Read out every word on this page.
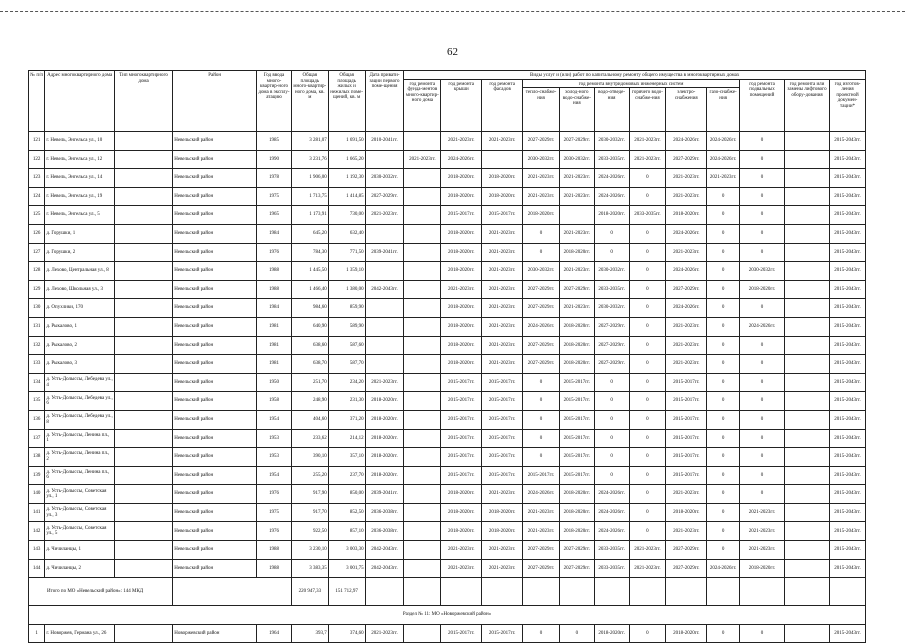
62
№ п/п	Адрес многоквартирного дома	Тип многоквартирного дома	Район	Год ввода много-квартир-ного дома в эксплу-атацию	Общая площадь много-квартир-ного дома, кв. м	Общая площадь жилых и нежилых поме-щений, кв. м	Дата привати-зации первого поме-щения	Виды услуг и (или) работ по капитальному ремонту общего имущества в многоквартирных домах											
								год ремонта фунда-ментов много-квартир-ного дома	год ремонта крыши	год ремонта фасадов	год ремонта внутридомовых инженерных систем						год ремонта подвальных помещений	год ремонта или замены лифтового обору-дования	год изготов-ления проектной докумен-тации*
											тепло-снабже-ния	холод-ного водо-снабже-ния	водо-отведе-ния	горячего водо-снабже-ния	электро-снабжения	газо-снабже-ния			
121	г. Невель, Энгельса ул., 10		Невельский район	1985	3 281,07	1 691,50	2010-2041гг.		2021-2023гг.	2021-2023гг.	2027-2029гг.	2027-2029гг.	2030-2032гг.	2021-2023гг.	2024-2026гг.	2024-2026гг.	0		2015-2043гг.
122	г. Невель, Энгельса ул., 12		Невельский район	1990	3 231,76	1 665,20		2021-2023гг.	2024-2026гг.		2030-2032гг.	2030-2032гг.	2033-2035гг.	2021-2023гг.	2027-2029гг.	2024-2026гг.	0		2015-2043гг.
123	г. Невель, Энгельса ул., 14		Невельский район	1978	1 906,00	1 192,30	2030-2032гг.		2018-2020гг.	2018-2020гг.	2021-2023гг.	2021-2023гг.	2024-2026гг.	0	2021-2023гг.	2021-2023гг.	0		2015-2043гг.
124	г. Невель, Энгельса ул., 19		Невельский район	1975	1 713,75	1 414,85	2027-2029гг.		2018-2020гг.	2018-2020гг.	2021-2023гг.	2021-2023гг.	2024-2026гг.	0	2021-2023гг.	0	0		2015-2043гг.
125	г. Невель, Энгельса ул., 5		Невельский район	1965	1 173,91	730,00	2021-2023гг.		2015-2017гг.	2015-2017гг.	2018-2020гг.		2018-2020гг.	2033-2035гг.	2018-2020гг.	0	0		2015-2043гг.
126	д. Горушки, 1		Невельский район	1984	645,20	632,40			2018-2020гг.	2021-2023гг.	0	2021-2023гг.	0	0	2024-2026гг.	0	0		2015-2043гг.
127	д. Горушки, 2		Невельский район	1976	784,30	771,50	2039-2041гг.		2018-2020гг.	2021-2023гг.	0	2018-2020гг.	0	0	2021-2023гг.	0	0		2015-2043гг.
128	д. Лехово, Центральная ул., 8		Невельский район	1988	1 445,50	1 359,10			2018-2020гг.	2021-2023гг.	2030-2032гг.	2021-2023гг.	2030-2032гг.	0	2024-2026гг.	0	2030-2032гг.		2015-2043гг.
129	д. Лехово, Школьная ул., 3		Невельский район	1988	1 466,40	1 380,00	2042-2043гг.		2021-2023гг.	2021-2023гг.	2027-2029гг.	2027-2029гг.	2033-2035гг.	0	2027-2029гг.	0	2018-2020гг.		2015-2043гг.
130	д. Опухлики, 170		Невельский район	1984	984,60	859,90			2018-2020гг.	2021-2023гг.	2027-2029гг.	2021-2023гг.	2030-2032гг.	0	2024-2026гг.	0	0		2015-2043гг.
131	д. Рыкалово, 1		Невельский район	1981	640,90	589,90			2018-2020гг.	2021-2023гг.	2024-2026гг.	2018-2020гг.	2027-2029гг.	0	2021-2023гг.	0	2024-2026гг.		2015-2043гг.
132	д. Рыкалово, 2		Невельский район	1981	638,60	587,60			2018-2020гг.	2021-2023гг.	2027-2029гг.	2018-2020гг.	2027-2029гг.	0	2021-2023гг.	0	0		2015-2043гг.
133	д. Рыкалово, 3		Невельский район	1981	638,70	587,70			2018-2020гг.	2021-2023гг.	2027-2029гг.	2018-2020гг.	2027-2029гг.	0	2021-2023гг.	0	0		2015-2043гг.
134	д. Усть-Долыссы, Лебедева ул., 4		Невельский район	1950	251,70	234,20	2021-2023гг.		2015-2017гг.	2015-2017гг.	0	2015-2017гг.	0	0	2015-2017гг.	0	0		2015-2043гг.
135	д. Усть-Долыссы, Лебедева ул., 6		Невельский район	1958	248,90	231,30	2018-2020гг.		2015-2017гг.	2015-2017гг.	0	2015-2017гг.	0	0	2015-2017гг.	0	0		2015-2043гг.
136	д. Усть-Долыссы, Лебедева ул., 8		Невельский район	1954	404,60	371,20	2018-2020гг.		2015-2017гг.	2015-2017гг.	0	2015-2017гг.	0	0	2015-2017гг.	0	0		2015-2043гг.
137	д. Усть-Долыссы, Ленина пл., 1		Невельский район	1953	233,62	214,12	2018-2020гг.		2015-2017гг.	2015-2017гг.	0	2015-2017гг.	0	0	2015-2017гг.	0	0		2015-2043гг.
138	д. Усть-Долыссы, Ленина пл., 2		Невельский район	1953	390,10	357,10	2018-2020гг.		2015-2017гг.	2015-2017гг.	0	2015-2017гг.	0	0	2015-2017гг.	0	0		2015-2043гг.
139	д. Усть-Долыссы, Ленина пл., 6		Невельский район	1954	255,20	237,70	2018-2020гг.		2015-2017гг.	2015-2017гг.	2015-2017гг.	2015-2017гг.	0	0	2015-2017гг.	0	0		2015-2043гг.
140	д. Усть-Долыссы, Советская ул., 1		Невельский район	1976	917,90	850,00	2039-2041гг.		2018-2020гг.	2021-2023гг.	2024-2026гг.	2018-2020гг.	2024-2026гг.	0	2021-2023гг.	0	0		2015-2043гг.
141	д. Усть-Долыссы, Советская ул., 3		Невельский район	1975	917,70	852,50	2036-2038гг.		2018-2020гг.	2018-2020гг.	2021-2023гг.	2018-2020гг.	2024-2026гг.	0	2018-2020гг.	0	2021-2023гг.		2015-2043гг.
142	д. Усть-Долыссы, Советская ул., 5		Невельский район	1976	922,50	857,10	2036-2038гг.		2018-2020гг.	2018-2020гг.	2021-2023гг.	2018-2020гг.	2024-2026гг.	0	2021-2023гг.	0	2021-2023гг.		2015-2043гг.
143	д. Чичиланцы, 1		Невельский район	1988	3 230,10	3 003,30	2042-2043гг.		2021-2023гг.	2021-2023гг.	2027-2029гг.	2027-2029гг.	2033-2035гг.	2021-2023гг.	2027-2029гг.	0	2021-2023гг.		2015-2043гг.
144	д. Чичиланцы, 2		Невельский район	1988	3 383,35	3 001,75	2042-2043гг.		2021-2023гг.	2021-2023гг.	2027-2029гг.	2027-2029гг.	2033-2035гг.	2021-2023гг.	2027-2029гг.	2024-2026гг.	2018-2020гг.		2015-2043гг.
Итого по МО «Невельский район»: 144 МКД					220 947,33	151 712,97													
Раздел № 11: МО «Новоржевский район»																			
1	г. Новоржев, Германа ул., 26		Новоржевский район	1964	393,7	374,60	2021-2023гг.		2015-2017гг.	2015-2017гг.	0	0	2018-2020гг.	0	2018-2020гг.	0	0		2015-2043гг.
